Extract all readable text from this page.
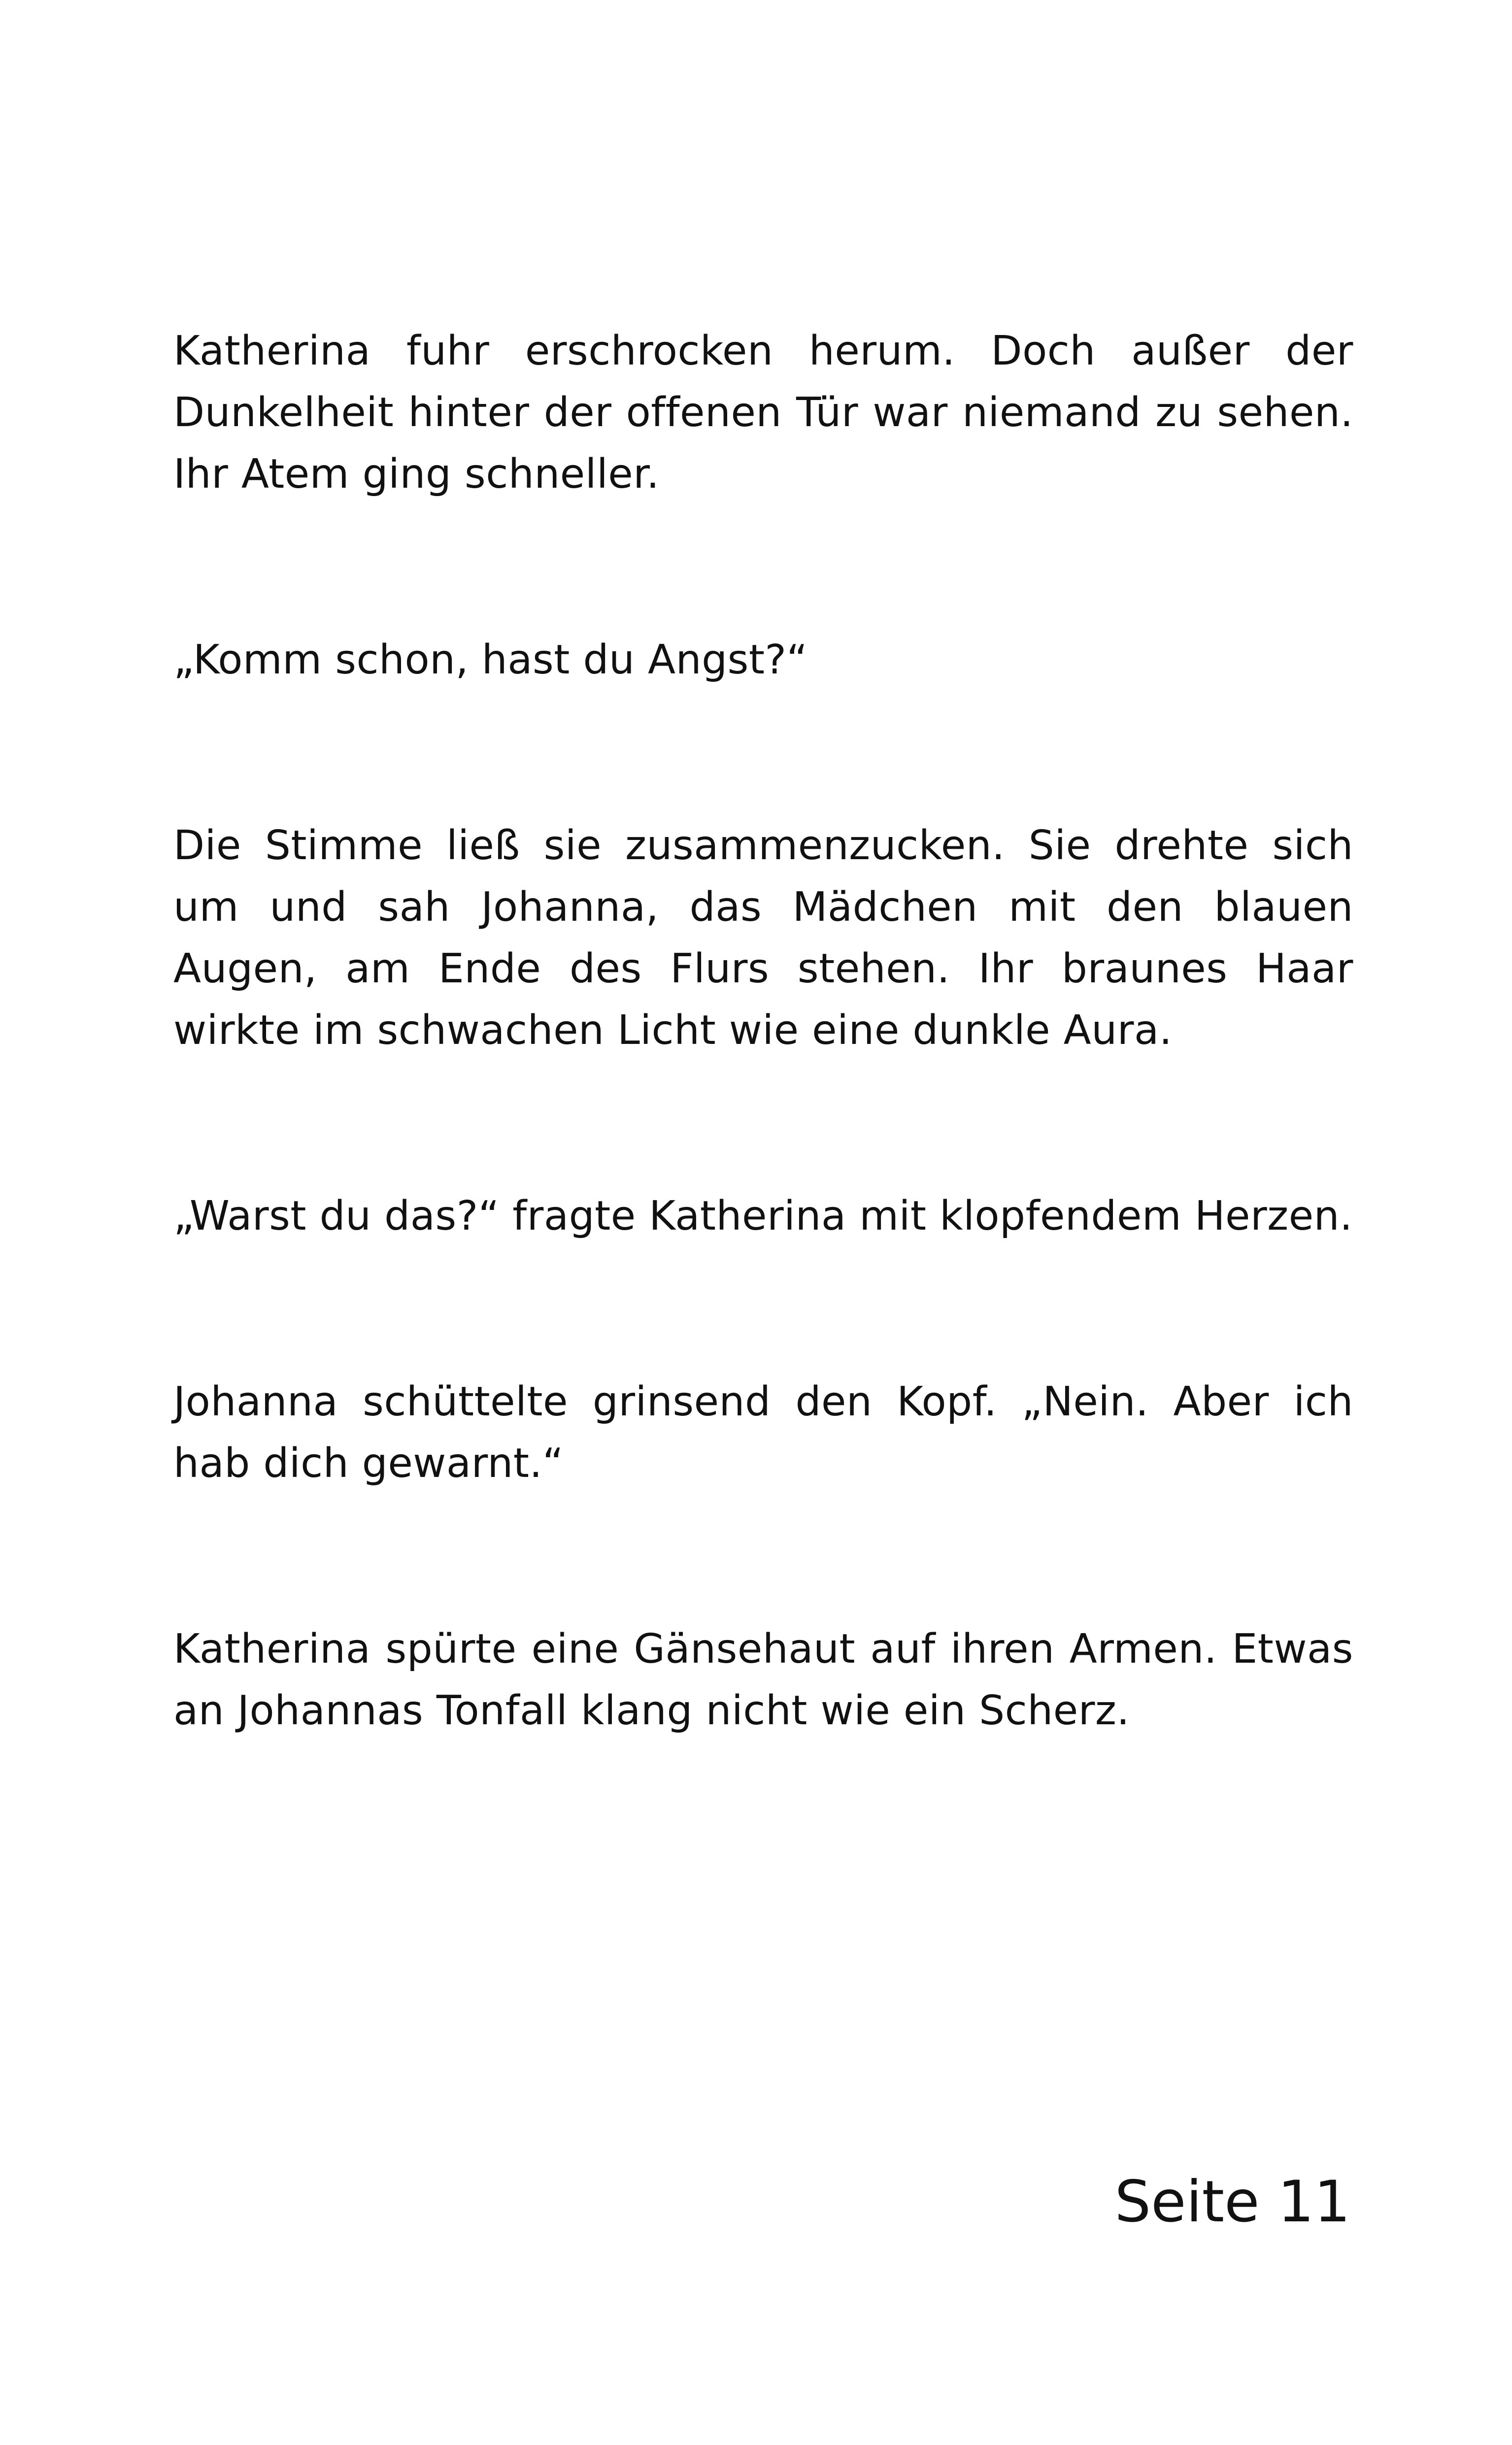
Katherina fuhr erschrocken herum. Doch außer der Dunkelheit hinter der offenen Tür war niemand zu sehen. Ihr Atem ging schneller.

„Komm schon, hast du Angst?“

Die Stimme ließ sie zusammenzucken. Sie drehte sich um und sah Johanna, das Mädchen mit den blauen Augen, am Ende des Flurs stehen. Ihr braunes Haar wirkte im schwachen Licht wie eine dunkle Aura.

„Warst du das?“ fragte Katherina mit klopfendem Herzen.

Johanna schüttelte grinsend den Kopf. „Nein. Aber ich hab dich gewarnt.“

Katherina spürte eine Gänsehaut auf ihren Armen. Etwas an Johannas Tonfall klang nicht wie ein Scherz.

Seite 11
